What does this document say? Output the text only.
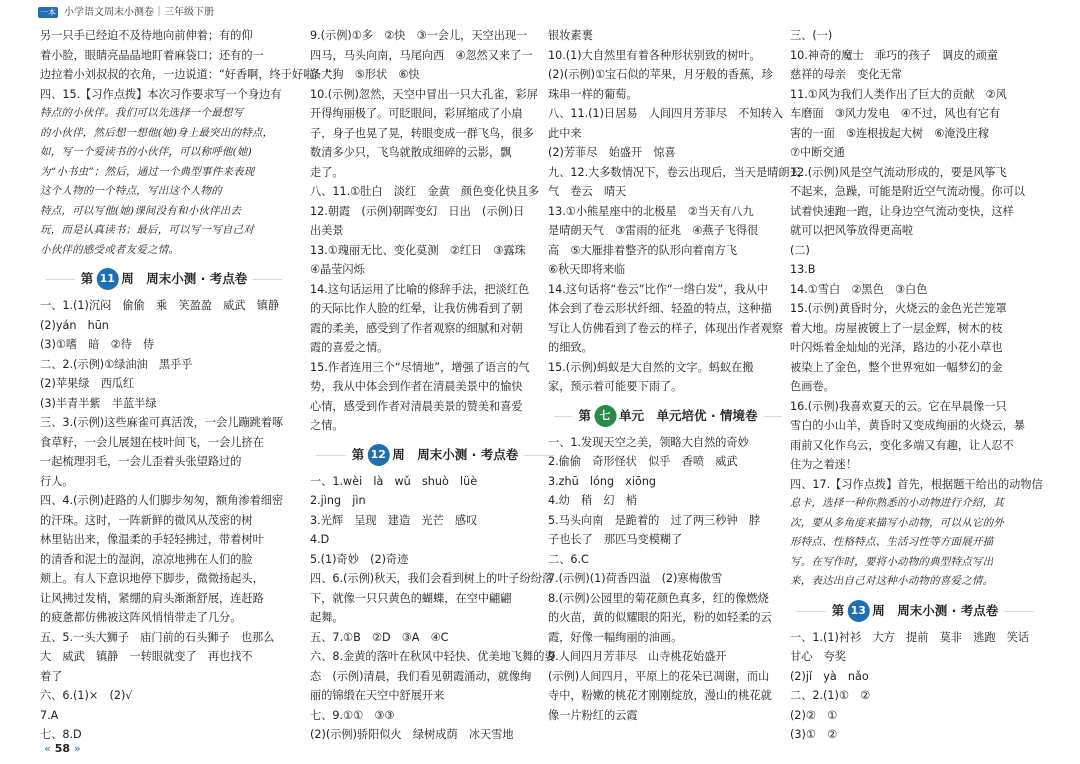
一本 小学语文周末小测卷｜三年级下册
另一只手已经迫不及待地向前伸着；有的仰
着小脸，眼睛亮晶晶地盯着麻袋口；还有的一
边拉着小刘叔叔的衣角，一边说道：“好香啊，终于好啦！”
四、15.【习作点拨】本次习作要求写一个身边有
特点的小伙伴。我们可以先选择一个最想写
的小伙伴，然后想一想他(她)身上最突出的特点，
如，写一个爱读书的小伙伴，可以称呼他(她)
为“小书虫”；然后，通过一个典型事件来表现
这个人物的一个特点，写出这个人物的
特点，可以写他(她)课间没有和小伙伴出去
玩，而是认真读书；最后，可以写一写自己对
小伙伴的感受或者友爱之情。
第 11 周　周末小测 · 考点卷
一、1.(1)沉闷　偷偷　乘　笑盈盈　威武　镇静
(2)yán　hūn
(3)①嗜　暗　②待　侍
二、2.(示例)①绿油油　黑乎乎
(2)苹果绿　西瓜红
(3)半青半紫　半蓝半绿
三、3.(示例)这些麻雀可真活泼，一会儿蹦跳着啄
食草籽，一会儿展翅在枝叶间飞，一会儿挤在
一起梳理羽毛，一会儿歪着头张望路过的
行人。
四、4.(示例)赶路的人们脚步匆匆，额角渗着细密
的汗珠。这时，一阵新鲜的微风从茂密的树
林里钻出来，像温柔的手轻轻拂过，带着树叶
的清香和泥土的湿润，凉凉地拂在人们的脸
颊上。有人下意识地停下脚步，微微扬起头，
让风拂过发梢，紧绷的肩头渐渐舒展，连赶路
的疲惫都仿佛被这阵风悄悄带走了几分。
五、5.一头大狮子　庙门前的石头狮子　也那么
大　威武　镇静　一转眼就变了　再也找不
着了
六、6.(1)×　(2)√
7.A
七、8.D
9.(示例)①多　②快　③一会儿，天空出现一
四马，马头向南，马尾向西　④忽然又来了一
条大狗　⑤形状　⑥快
10.(示例)忽然，天空中冒出一只大孔雀，彩屏
开得绚丽极了。可眨眼间，彩屏缩成了小扇
子，身子也晃了晃，转眼变成一群飞鸟，很多
数清多少只，飞鸟就散成细碎的云影，飘
走了。
八、11.①肚白　淡红　金黄　颜色变化快且多
12.朝霞　(示例)朝晖变幻　日出　(示例)日
出美景
13.①瑰丽无比、变化莫测　②红日　③露珠
④晶莹闪烁
14.这句话运用了比喻的修辞手法，把淡红色
的天际比作人脸的红晕，让我仿佛看到了朝
霞的柔美，感受到了作者观察的细腻和对朝
霞的喜爱之情。
15.作者连用三个“尽情地”，增强了语言的气
势，我从中体会到作者在清晨美景中的愉快
心情，感受到作者对清晨美景的赞美和喜爱
之情。
第 12 周　周末小测 · 考点卷
一、1.wèi　là　wǔ　shuò　lüè
2.jìng　jìn
3.光辉　呈现　建造　光芒　感叹
4.D
5.(1)奇妙　(2)奇迹
四、6.(示例)秋天，我们会看到树上的叶子纷纷落
下，就像一只只黄色的蝴蝶，在空中翩翩
起舞。
五、7.①B　②D　③A　④C
六、8.金黄的落叶在秋风中轻快、优美地飞舞的姿
态　(示例)清晨，我们看见朝霞涌动，就像绚
丽的锦缎在天空中舒展开来
七、9.①①　③③
(2)(示例)骄阳似火　绿树成荫　冰天雪地
银妆素裹
10.(1)大自然里有着各种形状别致的树叶。
(2)(示例)①宝石似的苹果，月牙般的香蕉，珍
珠串一样的葡萄。
八、11.(1)日居易　人间四月芳菲尽　不知转入
此中来
(2)芳菲尽　始盛开　惊喜
九、12.大多数情况下，卷云出现后，当天是晴朗天
气　卷云　晴天
13.①小熊星座中的北极星　②当天有八九
是晴朗天气　③雷雨的征兆　④燕子飞得很
高　⑤大雁排着整齐的队形向着南方飞
⑥秋天即将来临
14.这句话将“卷云”比作“一绺白发”，我从中
体会到了卷云形状纤细、轻盈的特点，这种描
写让人仿佛看到了卷云的样子，体现出作者观察
的细致。
15.(示例)蚂蚁是大自然的文字。蚂蚁在搬
家，预示着可能要下雨了。
第 七 单元　单元培优 · 情境卷
一、1.发现天空之美，领略大自然的奇妙
2.偷偷　奇形怪状　似乎　香喷　威武
3.zhū　lóng　xiōng
4.幼　稍　幻　梢
5.马头向南　是跪着的　过了两三秒钟　脖
子也长了　那匹马变模糊了
二、6.C
7.(示例)(1)荷香四溢　(2)寒梅傲雪
8.(示例)公园里的菊花颜色真多，红的像燃烧
的火苗，黄的似耀眼的阳光，粉的如轻柔的云
霞，好像一幅绚丽的油画。
9.人间四月芳菲尽　山寺桃花始盛开
(示例)人间四月，平原上的花朵已凋谢，而山
寺中，粉嫩的桃花才刚刚绽放，漫山的桃花就
像一片粉红的云霞
三、(一)
10.神奇的魔士　乖巧的孩子　调皮的顽童
慈祥的母亲　变化无常
11.①风为我们人类作出了巨大的贡献　②风
车磨面　③风力发电　④不过，风也有它有
害的一面　⑤连根拔起大树　⑥淹没庄稼
⑦中断交通
12.(示例)风是空气流动形成的，要是风筝飞
不起来，急躁，可能是附近空气流动慢。你可以
试着快速跑一跑，让身边空气流动变快，这样
就可以把风筝放得更高啦
(二)
13.B
14.①雪白　②黑色　③白色
15.(示例)黄昏时分，火烧云的金色光芒笼罩
着大地。房屋被镀上了一层金辉，树木的枝
叶闪烁着金灿灿的光泽，路边的小花小草也
被染上了金色，整个世界宛如一幅梦幻的金
色画卷。
16.(示例)我喜欢夏天的云。它在早晨像一只
雪白的小山羊，黄昏时又变成绚丽的火烧云，暴
雨前又化作乌云，变化多端又有趣，让人忍不
住为之着迷！
四、17.【习作点拨】首先，根据题干给出的动物信
息卡，选择一种你熟悉的小动物进行介绍，其
次，要从多角度来描写小动物，可以从它的外
形特点、性格特点、生活习性等方面展开描
写。在写作时，要将小动物的典型特点写出
来，表达出自己对这种小动物的喜爱之情。
第 13 周　周末小测 · 考点卷
一、1.(1)衬衫　大方　提前　莫非　逃跑　笑话
甘心　夸奖
(2)jǐ　yà　nǎo
二、2.(1)①　②
(2)②　①
(3)①　②
« 58 »
